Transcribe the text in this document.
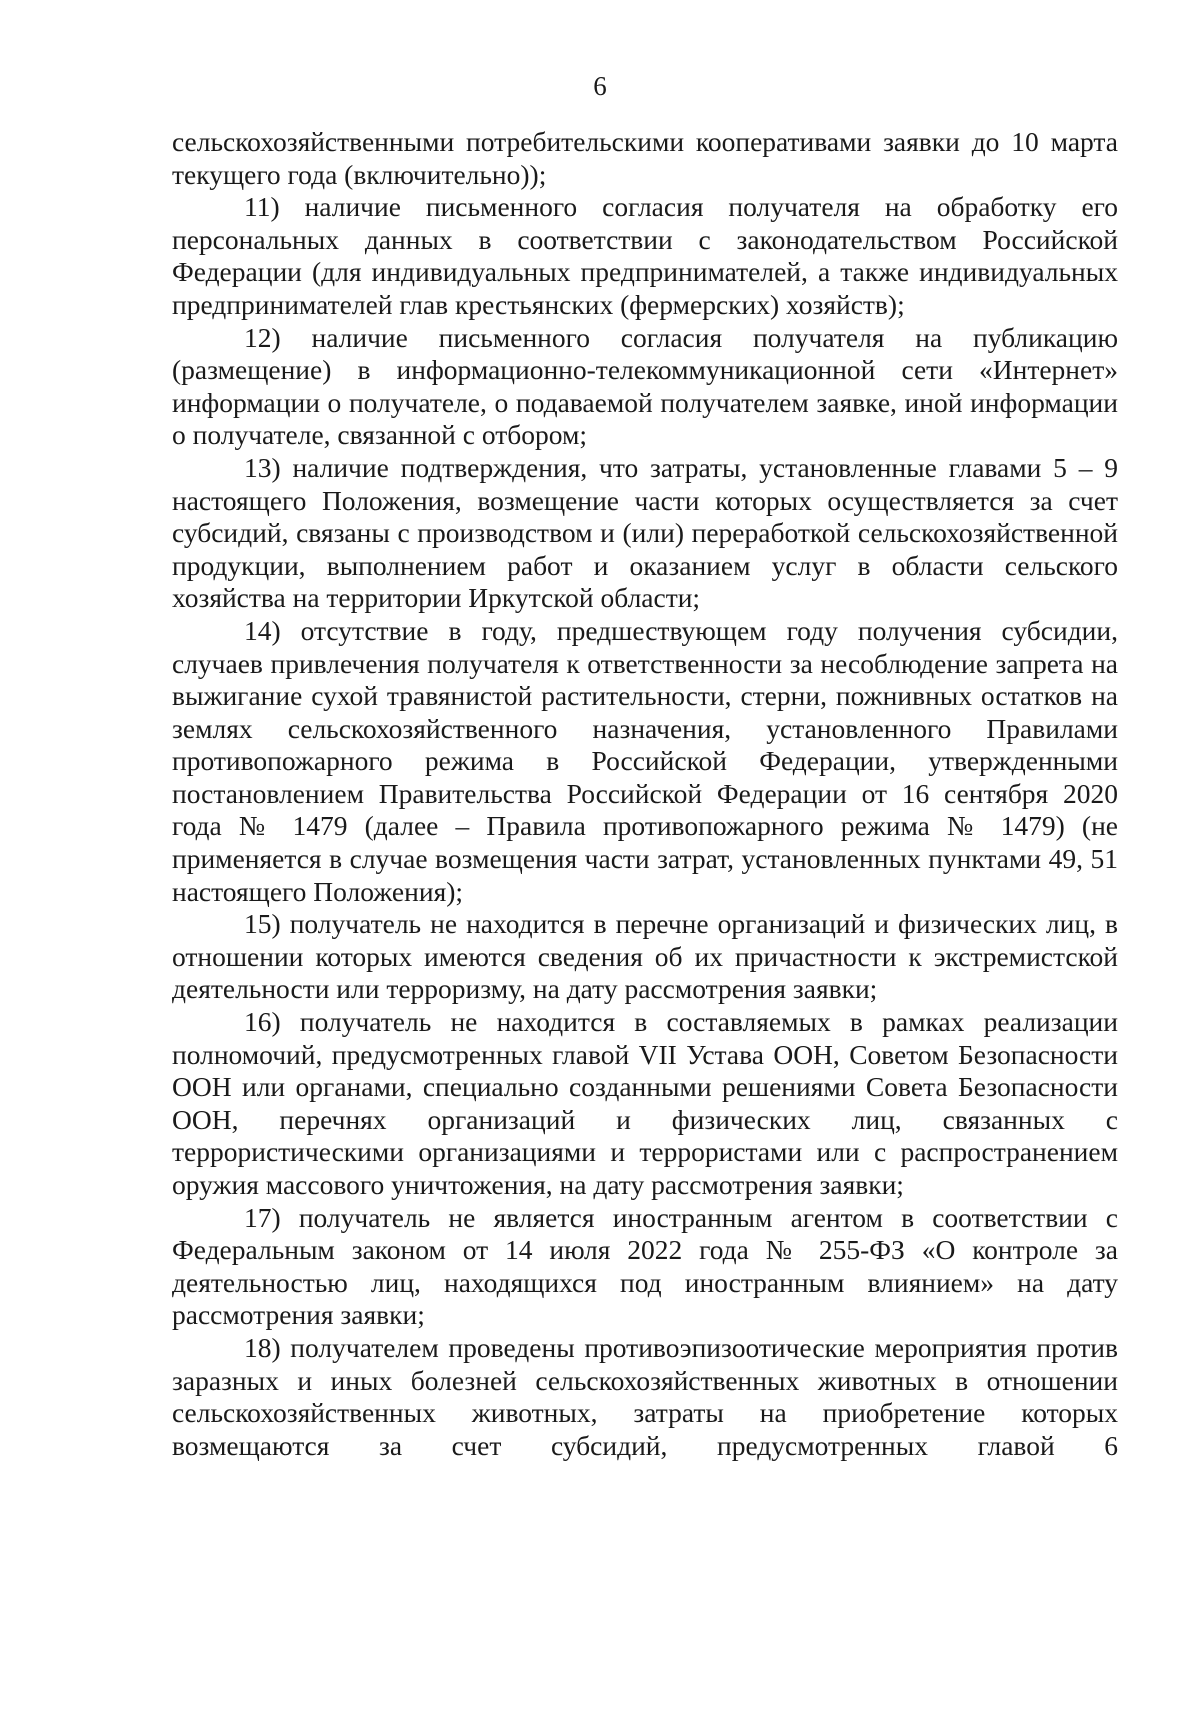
6

сельскохозяйственными потребительскими кооперативами заявки до 10 марта текущего года (включительно));

11) наличие письменного согласия получателя на обработку его персональных данных в соответствии с законодательством Российской Федерации (для индивидуальных предпринимателей, а также индивидуальных предпринимателей глав крестьянских (фермерских) хозяйств);

12) наличие письменного согласия получателя на публикацию (размещение) в информационно-телекоммуникационной сети «Интернет» информации о получателе, о подаваемой получателем заявке, иной информации о получателе, связанной с отбором;

13) наличие подтверждения, что затраты, установленные главами 5 – 9 настоящего Положения, возмещение части которых осуществляется за счет субсидий, связаны с производством и (или) переработкой сельскохозяйственной продукции, выполнением работ и оказанием услуг в области сельского хозяйства на территории Иркутской области;

14) отсутствие в году, предшествующем году получения субсидии, случаев привлечения получателя к ответственности за несоблюдение запрета на выжигание сухой травянистой растительности, стерни, пожнивных остатков на землях сельскохозяйственного назначения, установленного Правилами противопожарного режима в Российской Федерации, утвержденными постановлением Правительства Российской Федерации от 16 сентября 2020 года № 1479 (далее – Правила противопожарного режима № 1479) (не применяется в случае возмещения части затрат, установленных пунктами 49, 51 настоящего Положения);

15) получатель не находится в перечне организаций и физических лиц, в отношении которых имеются сведения об их причастности к экстремистской деятельности или терроризму, на дату рассмотрения заявки;

16) получатель не находится в составляемых в рамках реализации полномочий, предусмотренных главой VII Устава ООН, Советом Безопасности ООН или органами, специально созданными решениями Совета Безопасности ООН, перечнях организаций и физических лиц, связанных с террористическими организациями и террористами или с распространением оружия массового уничтожения, на дату рассмотрения заявки;

17) получатель не является иностранным агентом в соответствии с Федеральным законом от 14 июля 2022 года № 255-ФЗ «О контроле за деятельностью лиц, находящихся под иностранным влиянием» на дату рассмотрения заявки;

18) получателем проведены противоэпизоотические мероприятия против заразных и иных болезней сельскохозяйственных животных в отношении сельскохозяйственных животных, затраты на приобретение которых возмещаются за счет субсидий, предусмотренных главой 6
